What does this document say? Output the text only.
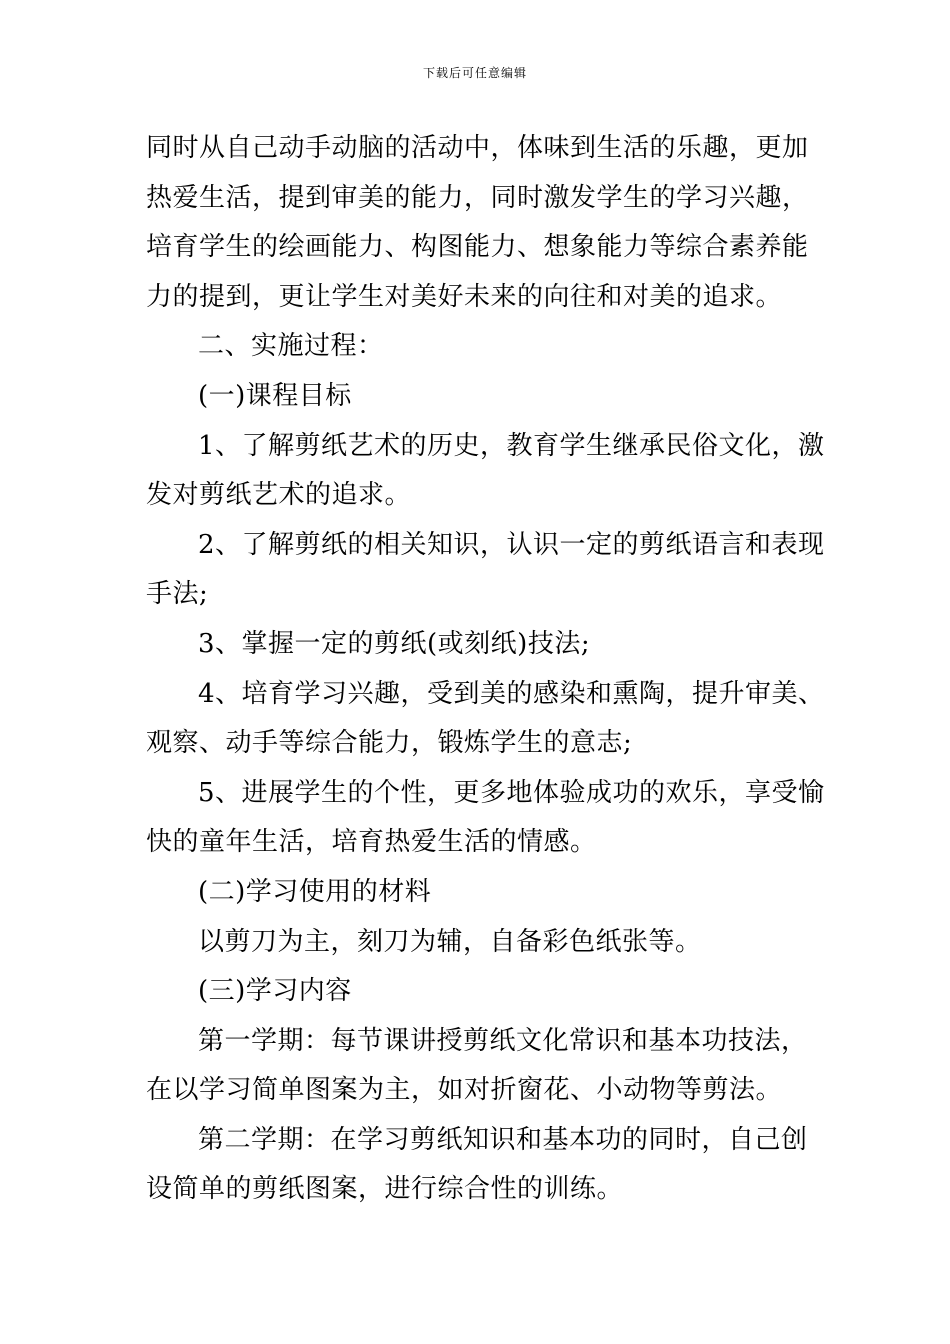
下载后可任意编辑
同时从自己动手动脑的活动中，体味到生活的乐趣，更加
热爱生活，提到审美的能力，同时激发学生的学习兴趣，
培育学生的绘画能力、构图能力、想象能力等综合素养能
力的提到，更让学生对美好未来的向往和对美的追求。
二、实施过程：
(一)课程目标
1、了解剪纸艺术的历史，教育学生继承民俗文化，激
发对剪纸艺术的追求。
2、了解剪纸的相关知识，认识一定的剪纸语言和表现
手法;
3、掌握一定的剪纸(或刻纸)技法;
4、培育学习兴趣，受到美的感染和熏陶，提升审美、
观察、动手等综合能力，锻炼学生的意志;
5、进展学生的个性，更多地体验成功的欢乐，享受愉
快的童年生活，培育热爱生活的情感。
(二)学习使用的材料
以剪刀为主，刻刀为辅，自备彩色纸张等。
(三)学习内容
第一学期：每节课讲授剪纸文化常识和基本功技法，
在以学习简单图案为主，如对折窗花、小动物等剪法。
第二学期：在学习剪纸知识和基本功的同时，自己创
设简单的剪纸图案，进行综合性的训练。
